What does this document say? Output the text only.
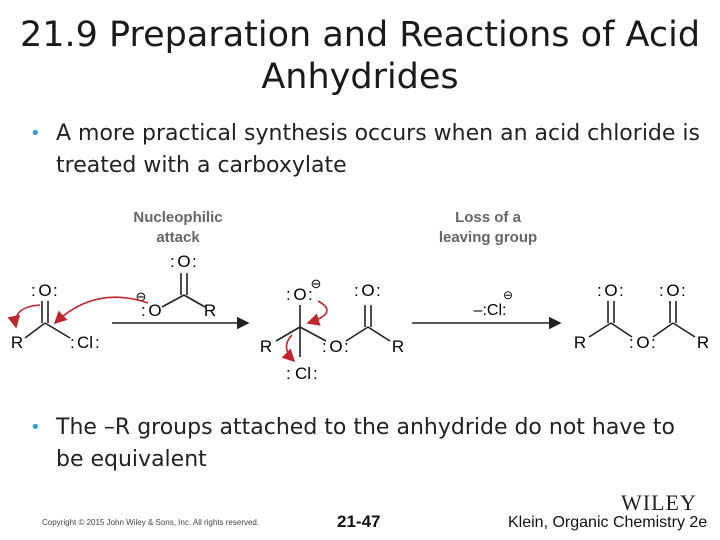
21.9 Preparation and Reactions of Acid
Anhydrides
• A more practical synthesis occurs when an acid chloride is treated with a carboxylate
Nucleophilic
attack
Loss of a
leaving group
O
: :
R	Cl
: :
O
: :
O
:
⊖
R
O
: :
⊖
R	O
: :
Cl
: :
O
: :
R
–:Cl:
⊖	O
: :
R	O
: :
O
: :
R
• The –R groups attached to the anhydride do not have to be equivalent
Copyright © 2015 John Wiley & Sons, Inc. All rights reserved.	21-47
WILEY
Klein, Organic Chemistry 2e
